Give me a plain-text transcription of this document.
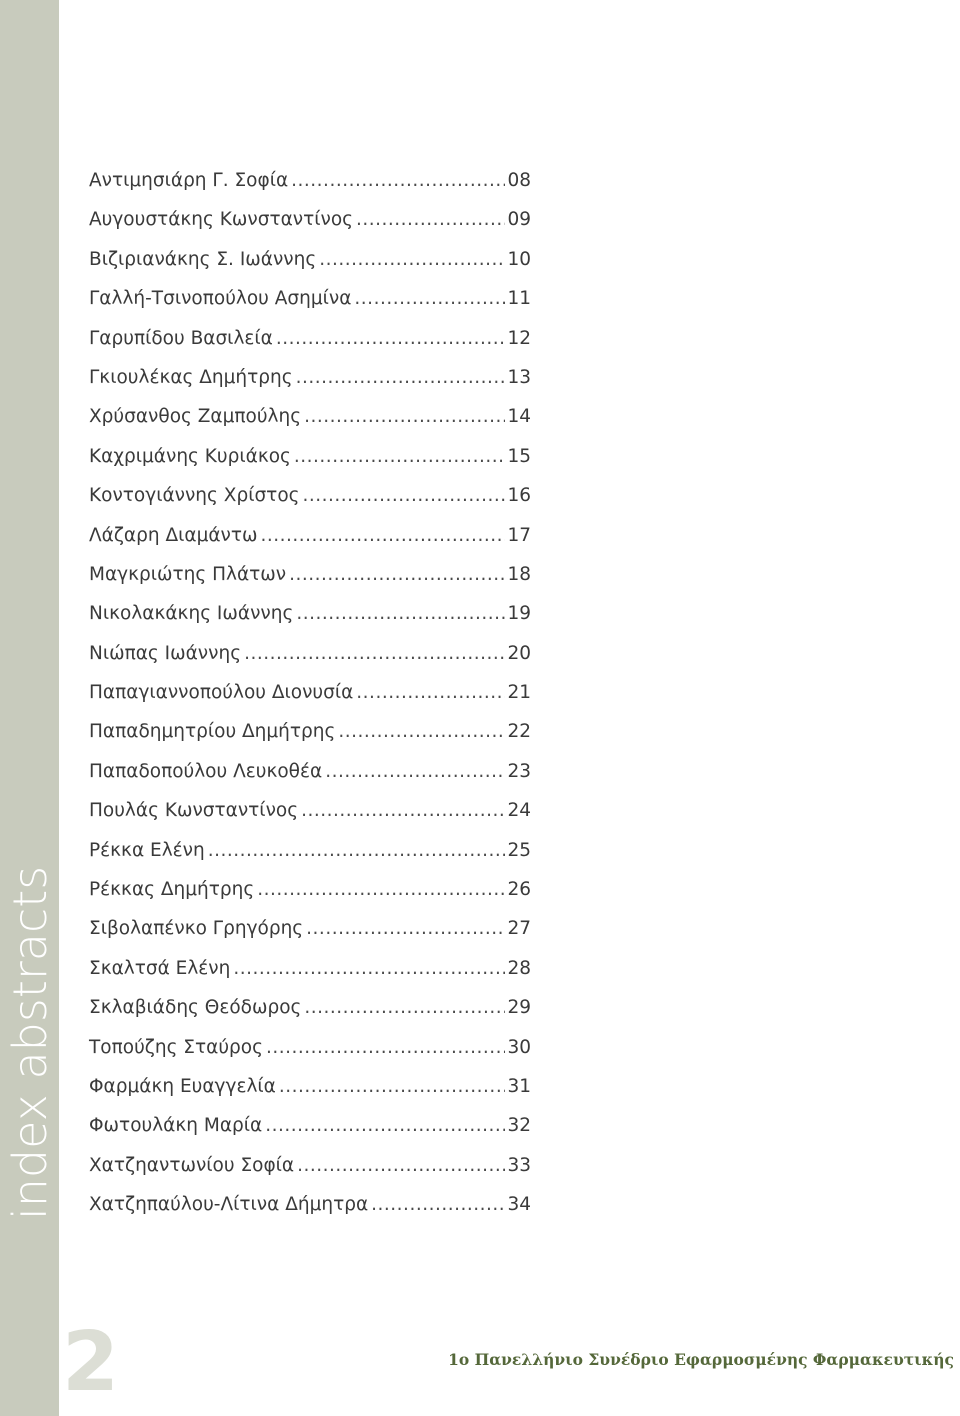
index abstracts
2
Αντιμησιάρη Γ. Σοφία .....	08
Αυγουστάκης Κωνσταντίνος .....	09
Βιζιριανάκης Σ. Ιωάννης .....	10
Γαλλή-Τσινοπούλου Ασημίνα .....	11
Γαρυπίδου Βασιλεία .....	12
Γκιουλέκας Δημήτρης .....	13
Χρύσανθος Ζαμπούλης .....	14
Καχριμάνης Κυριάκος .....	15
Κοντογιάννης Χρίστος .....	16
Λάζαρη Διαμάντω .....	17
Μαγκριώτης Πλάτων .....	18
Νικολακάκης Ιωάννης .....	19
Νιώπας Ιωάννης .....	20
Παπαγιαννοπούλου Διονυσία .....	21
Παπαδημητρίου Δημήτρης .....	22
Παπαδοπούλου Λευκοθέα .....	23
Πουλάς Κωνσταντίνος .....	24
Ρέκκα Ελένη .....	25
Ρέκκας Δημήτρης .....	26
Σιβολαπένκο Γρηγόρης .....	27
Σκαλτσά Ελένη .....	28
Σκλαβιάδης Θεόδωρος .....	29
Τοπούζης Σταύρος .....	30
Φαρμάκη Ευαγγελία .....	31
Φωτουλάκη Μαρία .....	32
Χατζηαντωνίου Σοφία .....	33
Χατζηπαύλου-Λίτινα Δήμητρα .....	34
1ο Πανελλήνιο Συνέδριο Εφαρμοσμένης Φαρμακευτικής
